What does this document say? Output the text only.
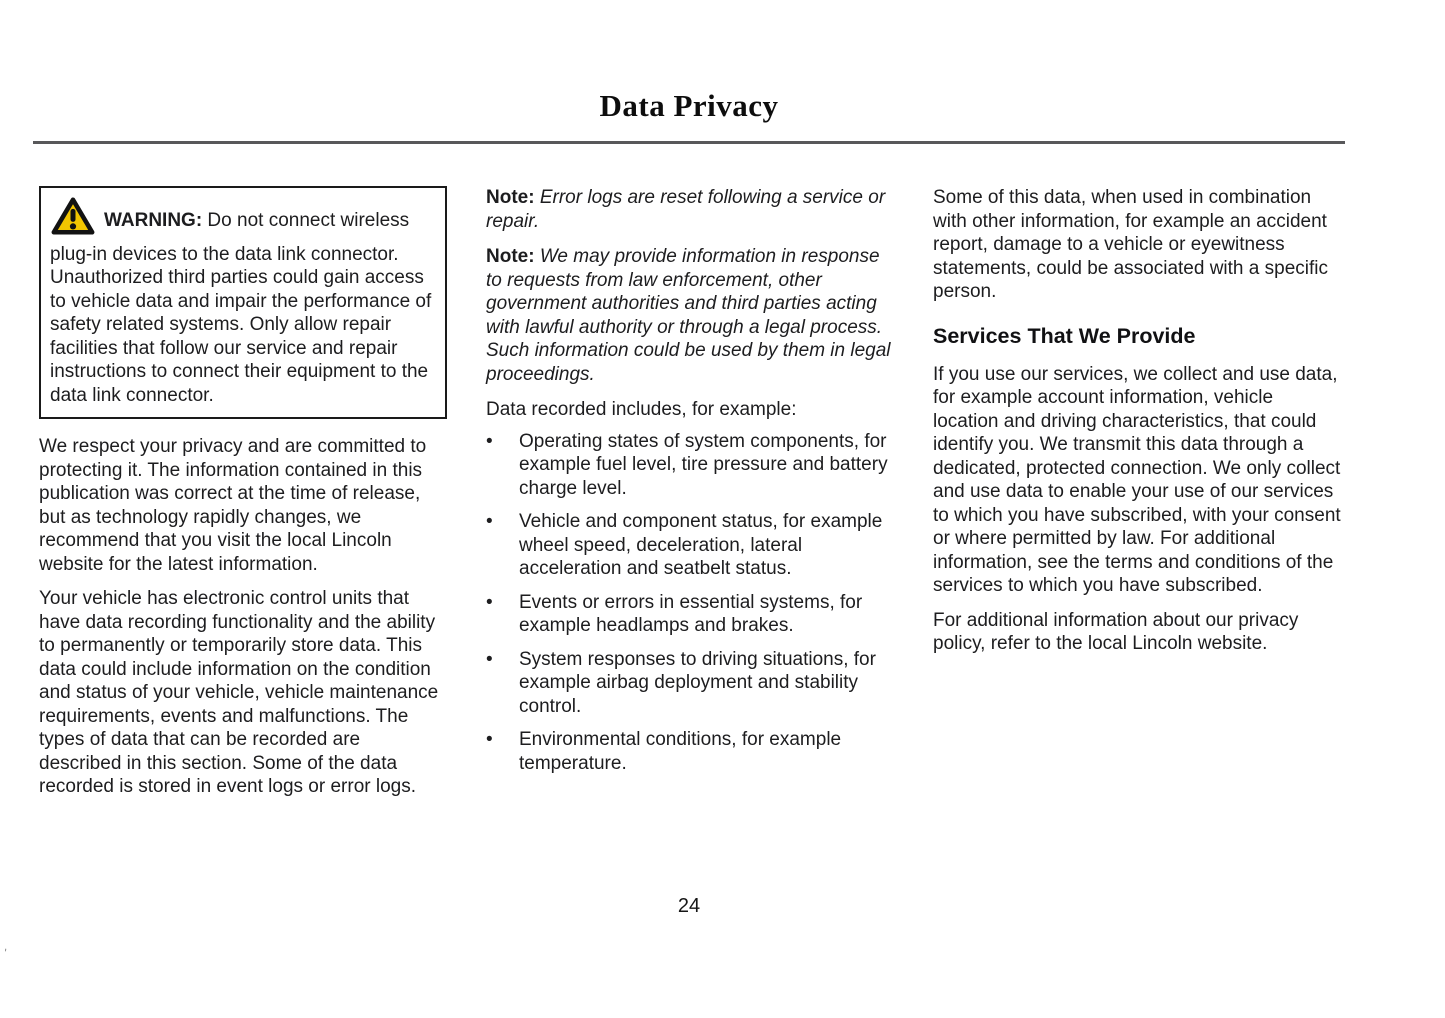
Data Privacy
WARNING: Do not connect wireless plug-in devices to the data link connector. Unauthorized third parties could gain access to vehicle data and impair the performance of safety related systems. Only allow repair facilities that follow our service and repair instructions to connect their equipment to the data link connector.

We respect your privacy and are committed to protecting it. The information contained in this publication was correct at the time of release, but as technology rapidly changes, we recommend that you visit the local Lincoln website for the latest information.

Your vehicle has electronic control units that have data recording functionality and the ability to permanently or temporarily store data. This data could include information on the condition and status of your vehicle, vehicle maintenance requirements, events and malfunctions. The types of data that can be recorded are described in this section. Some of the data recorded is stored in event logs or error logs.

Note: Error logs are reset following a service or repair.

Note: We may provide information in response to requests from law enforcement, other government authorities and third parties acting with lawful authority or through a legal process. Such information could be used by them in legal proceedings.

Data recorded includes, for example:

•	Operating states of system components, for example fuel level, tire pressure and battery charge level.
•	Vehicle and component status, for example wheel speed, deceleration, lateral acceleration and seatbelt status.
•	Events or errors in essential systems, for example headlamps and brakes.
•	System responses to driving situations, for example airbag deployment and stability control.
•	Environmental conditions, for example temperature.

Some of this data, when used in combination with other information, for example an accident report, damage to a vehicle or eyewitness statements, could be associated with a specific person.

Services That We Provide

If you use our services, we collect and use data, for example account information, vehicle location and driving characteristics, that could identify you. We transmit this data through a dedicated, protected connection. We only collect and use data to enable your use of our services to which you have subscribed, with your consent or where permitted by law. For additional information, see the terms and conditions of the services to which you have subscribed.

For additional information about our privacy policy, refer to the local Lincoln website.

24
'
